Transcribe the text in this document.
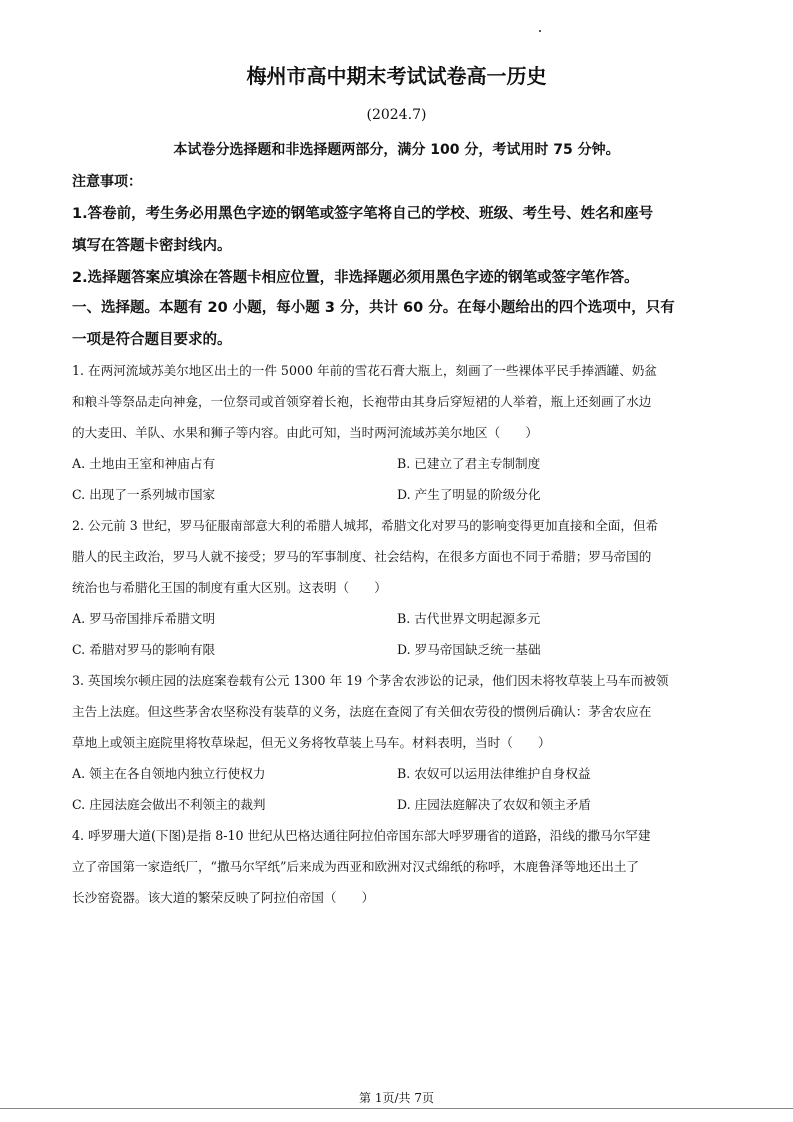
梅州市高中期末考试试卷高一历史
(2024.7)
本试卷分选择题和非选择题两部分，满分 100 分，考试用时 75 分钟。
注意事项：
1.答卷前，考生务必用黑色字迹的钢笔或签字笔将自己的学校、班级、考生号、姓名和座号
填写在答题卡密封线内。
2.选择题答案应填涂在答题卡相应位置，非选择题必须用黑色字迹的钢笔或签字笔作答。
一、选择题。本题有 20 小题，每小题 3 分，共计 60 分。在每小题给出的四个选项中，只有
一项是符合题目要求的。
1. 在两河流域苏美尔地区出土的一件 5000 年前的雪花石膏大瓶上，刻画了一些裸体平民手捧酒罐、奶盆
和粮斗等祭品走向神龛，一位祭司或首领穿着长袍，长袍带由其身后穿短裙的人举着，瓶上还刻画了水边
的大麦田、羊队、水果和狮子等内容。由此可知，当时两河流域苏美尔地区（　　）
A. 土地由王室和神庙占有	B. 已建立了君主专制制度
C. 出现了一系列城市国家	D. 产生了明显的阶级分化
2. 公元前 3 世纪，罗马征服南部意大利的希腊人城邦，希腊文化对罗马的影响变得更加直接和全面，但希
腊人的民主政治，罗马人就不接受；罗马的军事制度、社会结构，在很多方面也不同于希腊；罗马帝国的
统治也与希腊化王国的制度有重大区别。这表明（　　）
A. 罗马帝国排斥希腊文明	B. 古代世界文明起源多元
C. 希腊对罗马的影响有限	D. 罗马帝国缺乏统一基础
3. 英国埃尔顿庄园的法庭案卷载有公元 1300 年 19 个茅舍农涉讼的记录，他们因未将牧草装上马车而被领
主告上法庭。但这些茅舍农坚称没有装草的义务，法庭在查阅了有关佃农劳役的惯例后确认：茅舍农应在
草地上或领主庭院里将牧草垛起，但无义务将牧草装上马车。材料表明，当时（　　）
A. 领主在各自领地内独立行使权力	B. 农奴可以运用法律维护自身权益
C. 庄园法庭会做出不利领主的裁判	D. 庄园法庭解决了农奴和领主矛盾
4. 呼罗珊大道(下图)是指 8-10 世纪从巴格达通往阿拉伯帝国东部大呼罗珊省的道路，沿线的撒马尔罕建
立了帝国第一家造纸厂，“撒马尔罕纸”后来成为西亚和欧洲对汉式绵纸的称呼，木鹿鲁泽等地还出土了
长沙窑瓷器。该大道的繁荣反映了阿拉伯帝国（　　）
第 1页/共 7页
